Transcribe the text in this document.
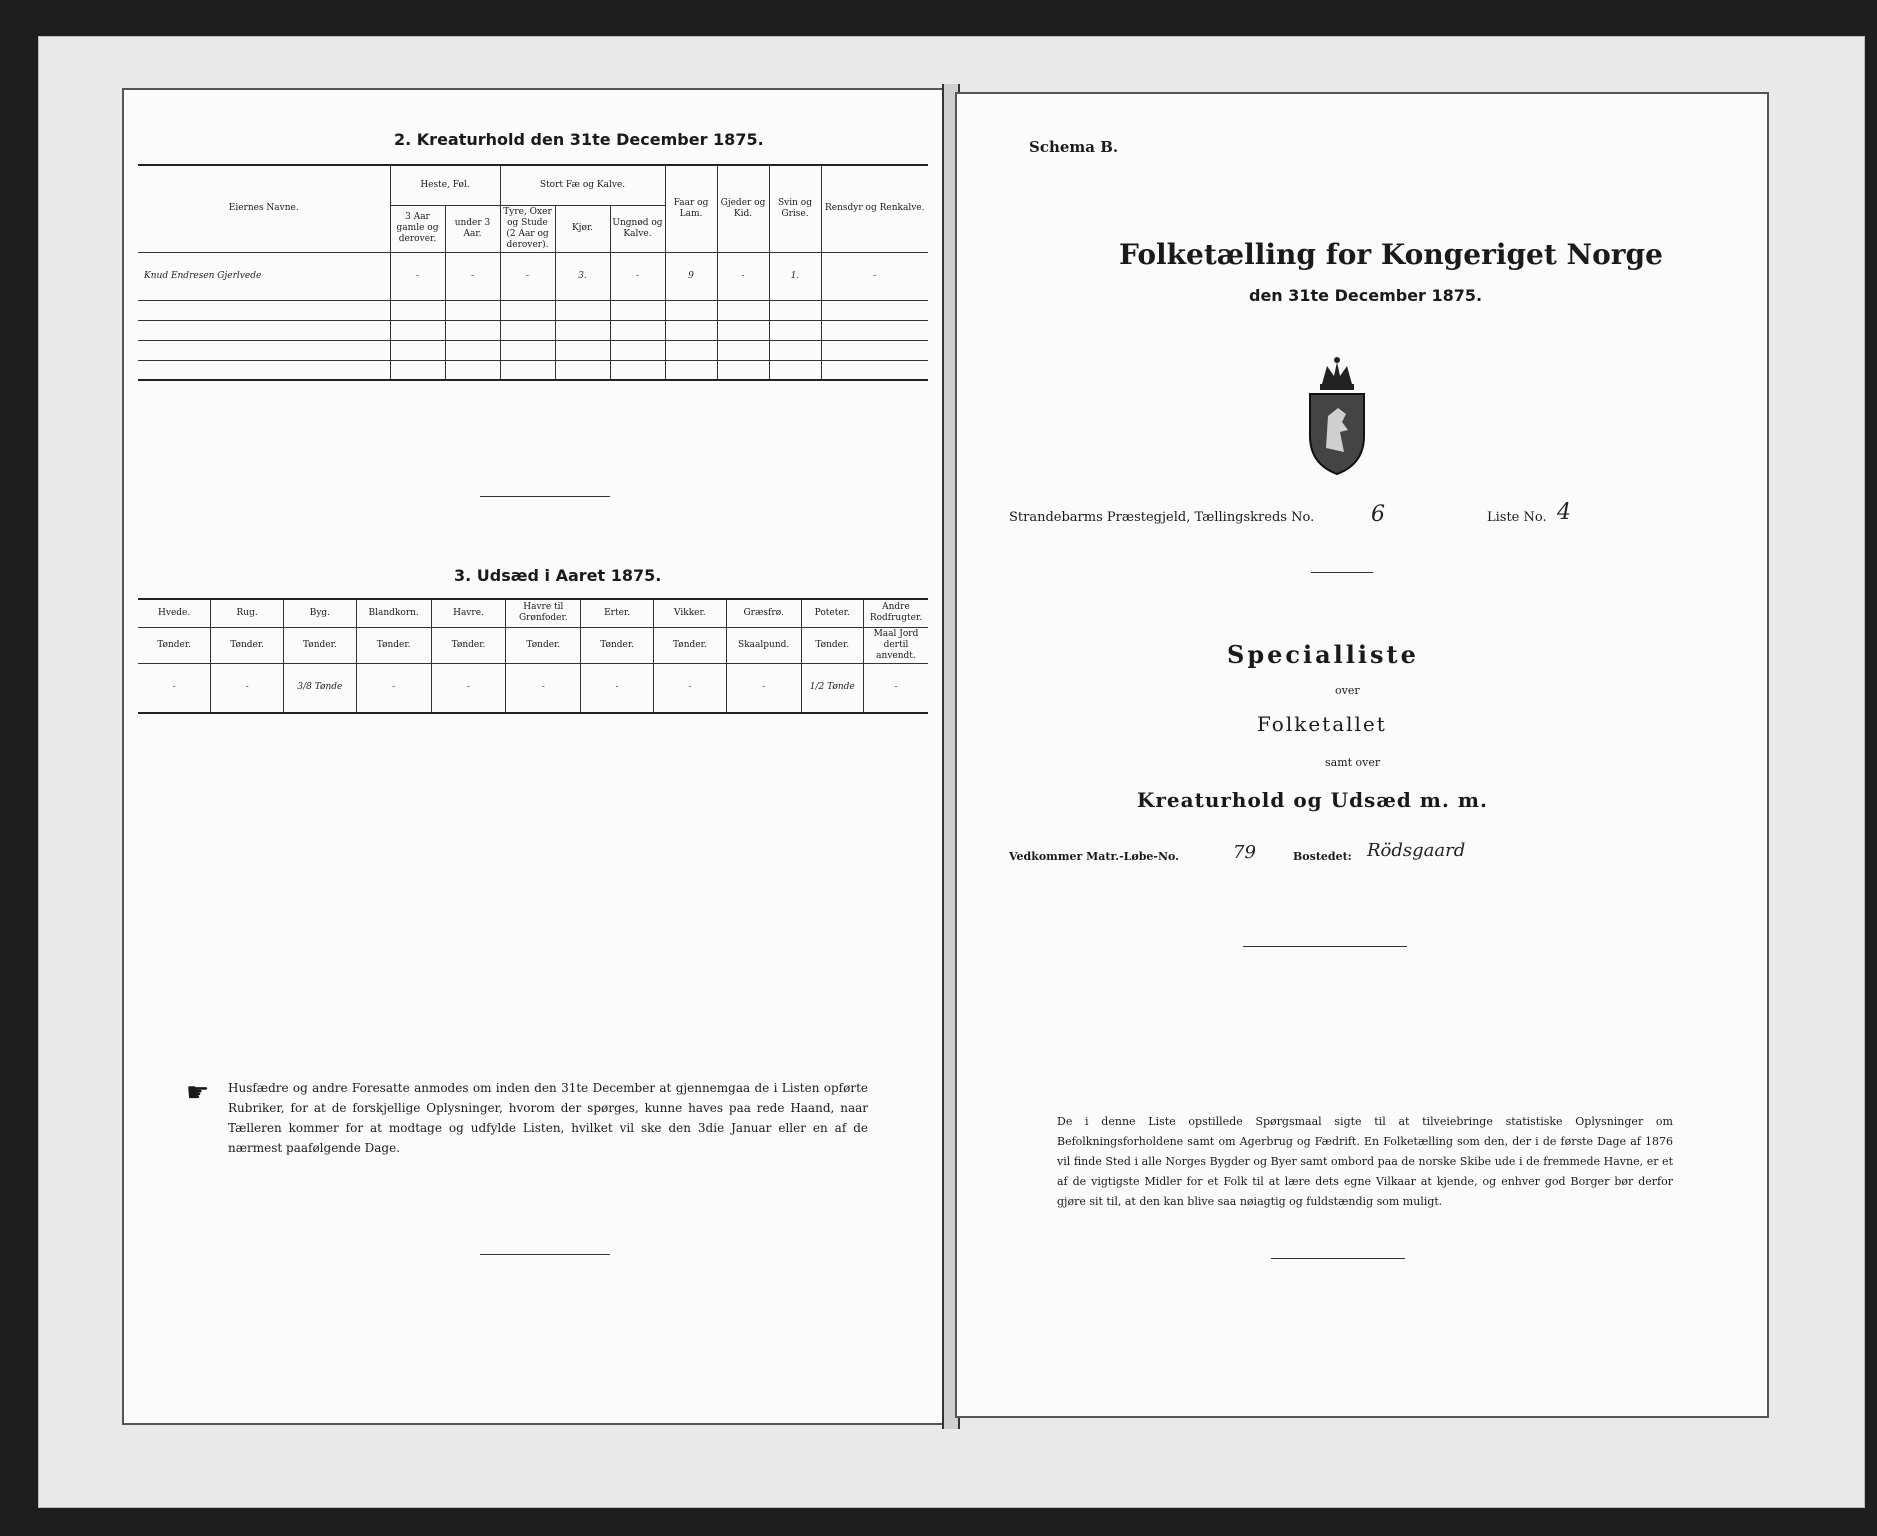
2. Kreaturhold den 31te December 1875.
Eiernes Navne.	Heste, Føl.		Stort Fæ og Kalve.			Faar og Lam.	Gjeder og Kid.	Svin og Grise.	Rensdyr og Renkalve.
	3 Aar gamle og derover.	under 3 Aar.	Tyre, Oxer og Stude (2 Aar og derover).	Kjør.	Ungnød og Kalve.				
Knud Endresen Gjerlvede	-	-	-	3.	-	9	-	1.	-

3. Udsæd i Aaret 1875.
Hvede.	Rug.	Byg.	Blandkorn.	Havre.	Havre til Grønfoder.	Erter.	Vikker.	Græsfrø.	Poteter.	Andre Rodfrugter.
Tønder.	Tønder.	Tønder.	Tønder.	Tønder.	Tønder.	Tønder.	Tønder.	Skaalpund.	Tønder.	Maal Jord dertil anvendt.
-	-	3/8 Tønde	-	-	-	-	-	-	1/2 Tønde	-
☛ Husfædre og andre Foresatte anmodes om inden den 31te December at gjennemgaa de i Listen opførte Rubriker, for at de forskjellige Oplysninger, hvorom der spørges, kunne haves paa rede Haand, naar Tælleren kommer for at modtage og udfylde Listen, hvilket vil ske den 3die Januar eller en af de nærmest paafølgende Dage.
Schema B.
Folketælling for Kongeriget Norge
den 31te December 1875.
Strandebarms Præstegjeld, Tællingskreds No.	6	Liste No. 4
Specialliste
over
Folketallet
samt over
Kreaturhold og Udsæd m. m.
Vedkommer Matr.-Løbe-No.	79	Bostedet: Rödsgaard
De i denne Liste opstillede Spørgsmaal sigte til at tilveiebringe statistiske Oplysninger om Befolkningsforholdene samt om Agerbrug og Fædrift. En Folketælling som den, der i de første Dage af 1876 vil finde Sted i alle Norges Bygder og Byer samt ombord paa de norske Skibe ude i de fremmede Havne, er et af de vigtigste Midler for et Folk til at lære dets egne Vilkaar at kjende, og enhver god Borger bør derfor gjøre sit til, at den kan blive saa nøiagtig og fuldstændig som muligt.
